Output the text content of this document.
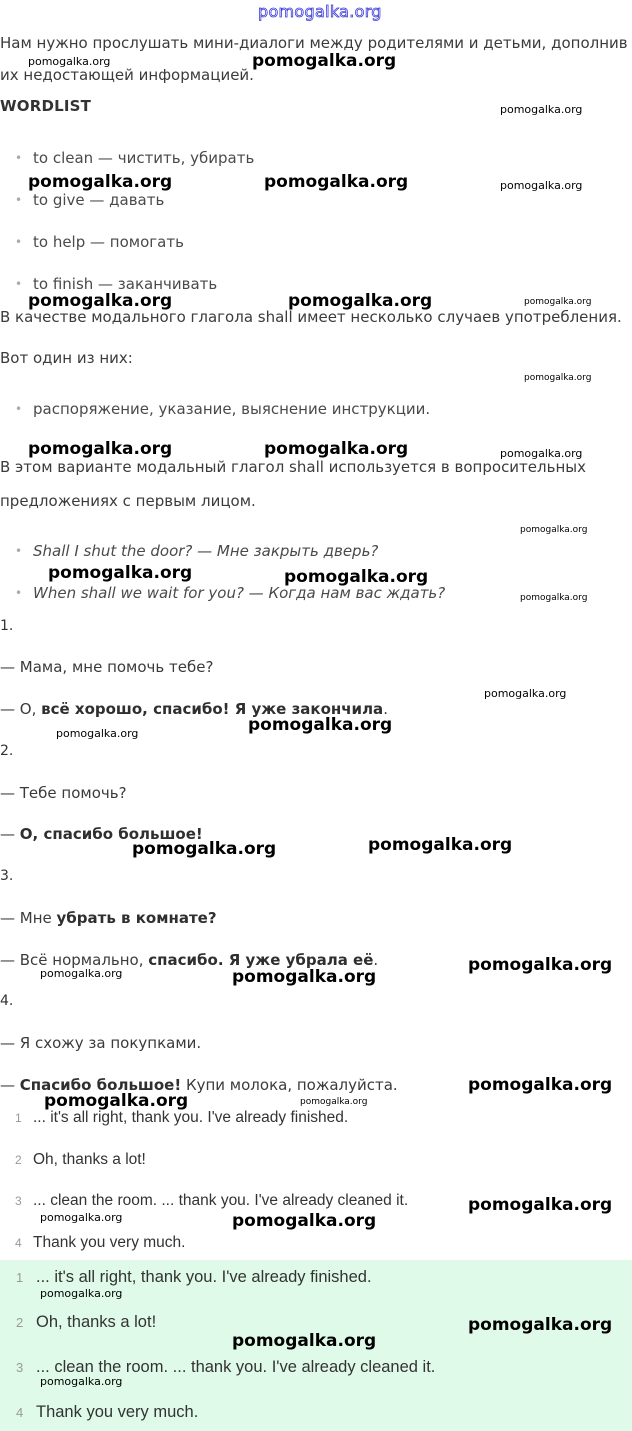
pomogalka.org
Нам нужно прослушать мини-диалоги между родителями и детьми, дополнив
их недостающей информацией.
WORDLIST
• to clean — чистить, убирать
• to give — давать
• to help — помогать
• to finish — заканчивать
В качестве модального глагола shall имеет несколько случаев употребления.
Вот один из них:
• распоряжение, указание, выяснение инструкции.
В этом варианте модальный глагол shall используется в вопросительных
предложениях с первым лицом.
• Shall I shut the door? — Мне закрыть дверь?
• When shall we wait for you? — Когда нам вас ждать?
1.
— Мама, мне помочь тебе?
— О, всё хорошо, спасибо! Я уже закончила.
2.
— Тебе помочь?
— О, спасибо большое!
3.
— Мне убрать в комнате?
— Всё нормально, спасибо. Я уже убрала её.
4.
— Я схожу за покупками.
— Спасибо большое! Купи молока, пожалуйста.
1 ... it's all right, thank you. I've already finished.
2 Oh, thanks a lot!
3 ... clean the room. ... thank you. I've already cleaned it.
4 Thank you very much.
1 ... it's all right, thank you. I've already finished.
2 Oh, thanks a lot!
3 ... clean the room. ... thank you. I've already cleaned it.
4 Thank you very much.
pomogalka.org	pomogalka.org
pomogalka.org
pomogalka.org	pomogalka.org	pomogalka.org
pomogalka.org	pomogalka.org	pomogalka.org
pomogalka.org
pomogalka.org	pomogalka.org	pomogalka.org
pomogalka.org
pomogalka.org	pomogalka.org
pomogalka.org
pomogalka.org
pomogalka.org
pomogalka.org
pomogalka.org	pomogalka.org
pomogalka.org
pomogalka.org	pomogalka.org
pomogalka.org
pomogalka.org	pomogalka.org
pomogalka.org
pomogalka.org	pomogalka.org
pomogalka.org
pomogalka.org
pomogalka.org
pomogalka.org
